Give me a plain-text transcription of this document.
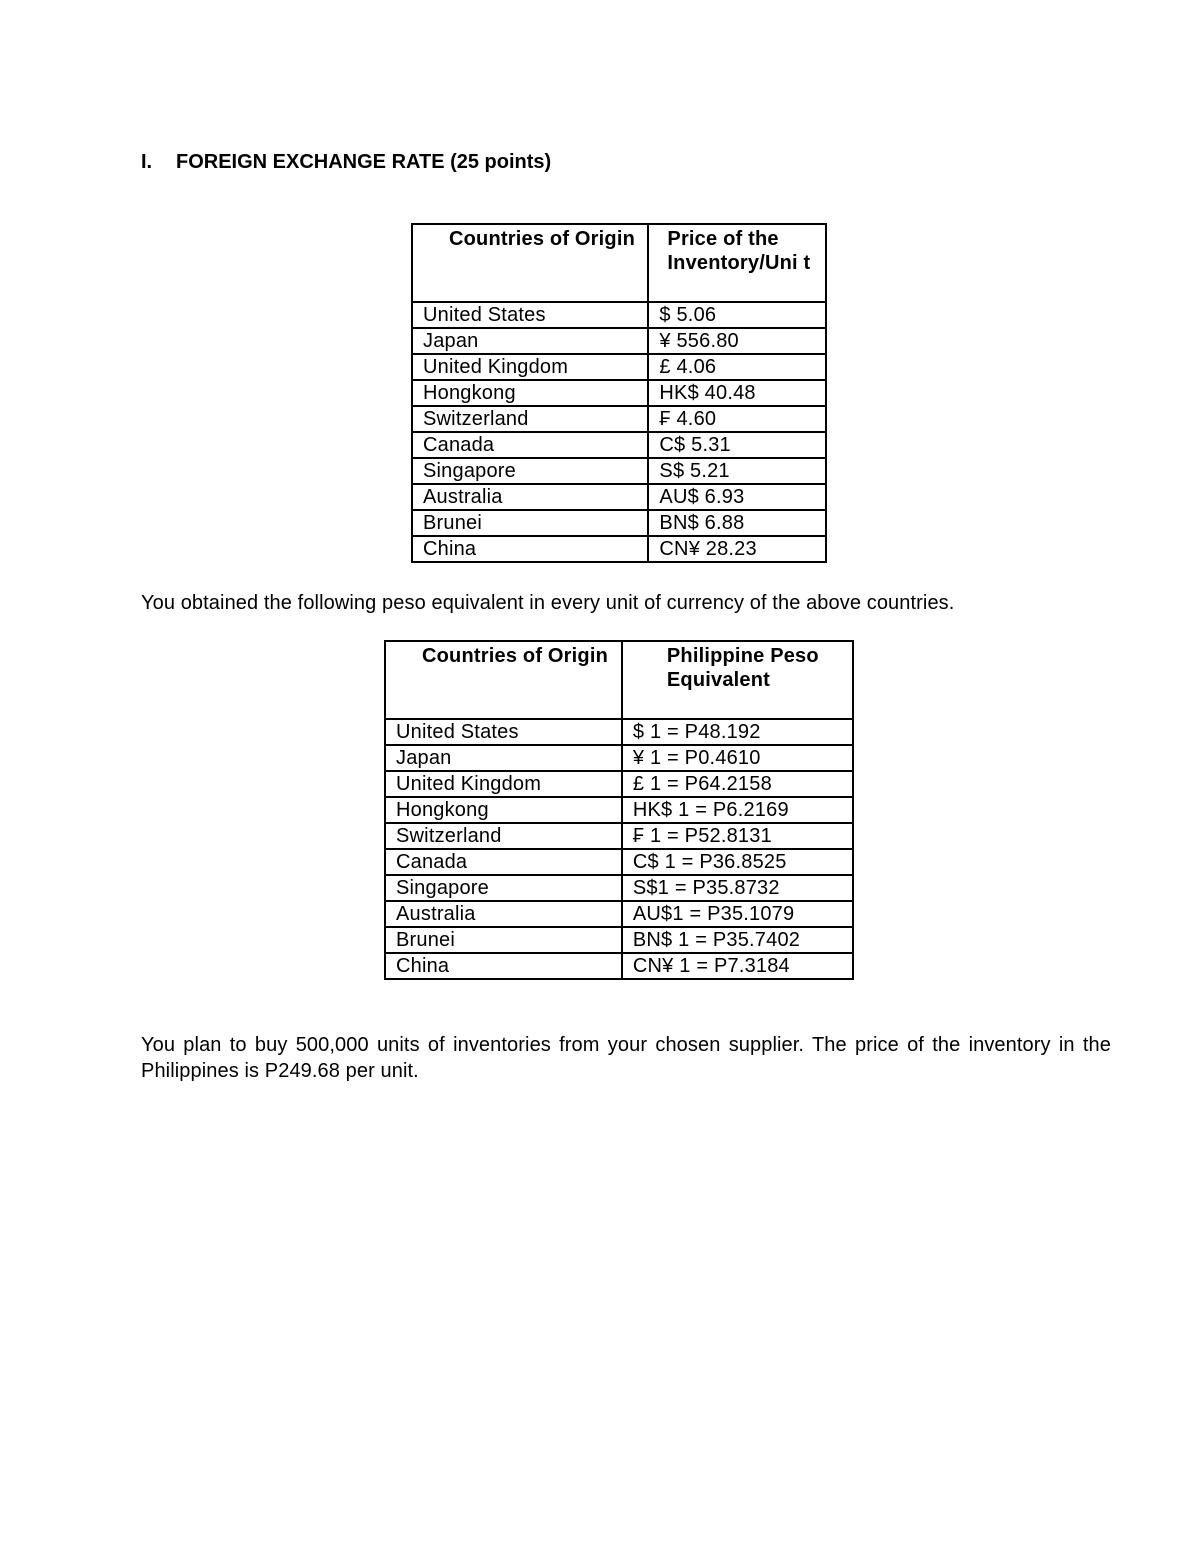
I.	FOREIGN EXCHANGE RATE (25 points)
Countries of Origin	Price of the Inventory/Uni t
United States	$ 5.06
Japan	¥ 556.80
United Kingdom	£ 4.06
Hongkong	HK$ 40.48
Switzerland	₣ 4.60
Canada	C$ 5.31
Singapore	S$ 5.21
Australia	AU$ 6.93
Brunei	BN$ 6.88
China	CN¥ 28.23
You obtained the following peso equivalent in every unit of currency of the above countries.
Countries of Origin	Philippine Peso Equivalent
United States	$ 1 = P48.192
Japan	¥ 1 = P0.4610
United Kingdom	£ 1 = P64.2158
Hongkong	HK$ 1 = P6.2169
Switzerland	₣ 1 = P52.8131
Canada	C$ 1 = P36.8525
Singapore	S$1 = P35.8732
Australia	AU$1 = P35.1079
Brunei	BN$ 1 = P35.7402
China	CN¥ 1 = P7.3184
You plan to buy 500,000 units of inventories from your chosen supplier. The price of the inventory in the Philippines is P249.68 per unit.
